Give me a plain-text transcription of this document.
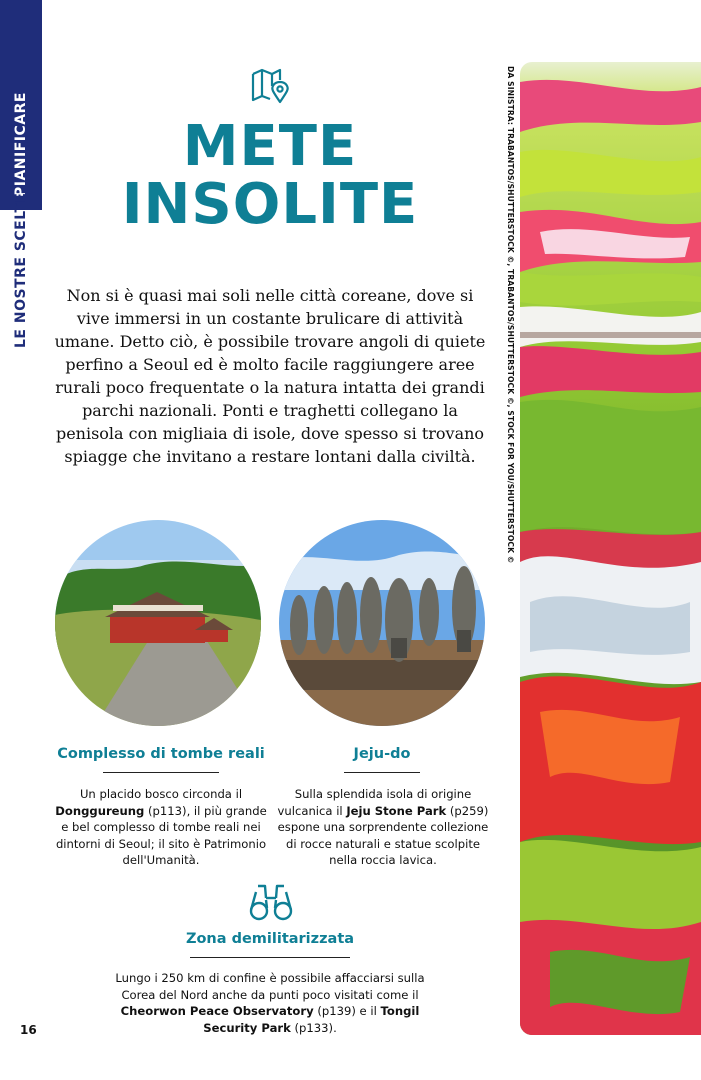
PIANIFICARE
LE NOSTRE SCELTE
METE
INSOLITE
Non si è quasi mai soli nelle città coreane, dove si vive immersi in un costante brulicare di attività umane. Detto ciò, è possibile trovare angoli di quiete perfino a Seoul ed è molto facile raggiungere aree rurali poco frequentate o la natura intatta dei grandi parchi nazionali. Ponti e traghetti collegano la penisola con migliaia di isole, dove spesso si trovano spiagge che invitano a restare lontani dalla civiltà.	DA SINISTRA: TRABANTOS/SHUTTERSTOCK ©, TRABANTOS/SHUTTERSTOCK ©, STOCK FOR YOU/SHUTTERSTOCK ©
Complesso di tombe reali
Un placido bosco circonda il Donggureung (p113), il più grande e bel complesso di tombe reali nei dintorni di Seoul; il sito è Patrimonio dell'Umanità.
Jeju-do
Sulla splendida isola di origine vulcanica il Jeju Stone Park (p259) espone una sorprendente collezione di rocce naturali e statue scolpite nella roccia lavica.
Zona demilitarizzata
Lungo i 250 km di confine è possibile affacciarsi sulla Corea del Nord anche da punti poco visitati come il Cheorwon Peace Observatory (p139) e il Tongil Security Park (p133).
16
